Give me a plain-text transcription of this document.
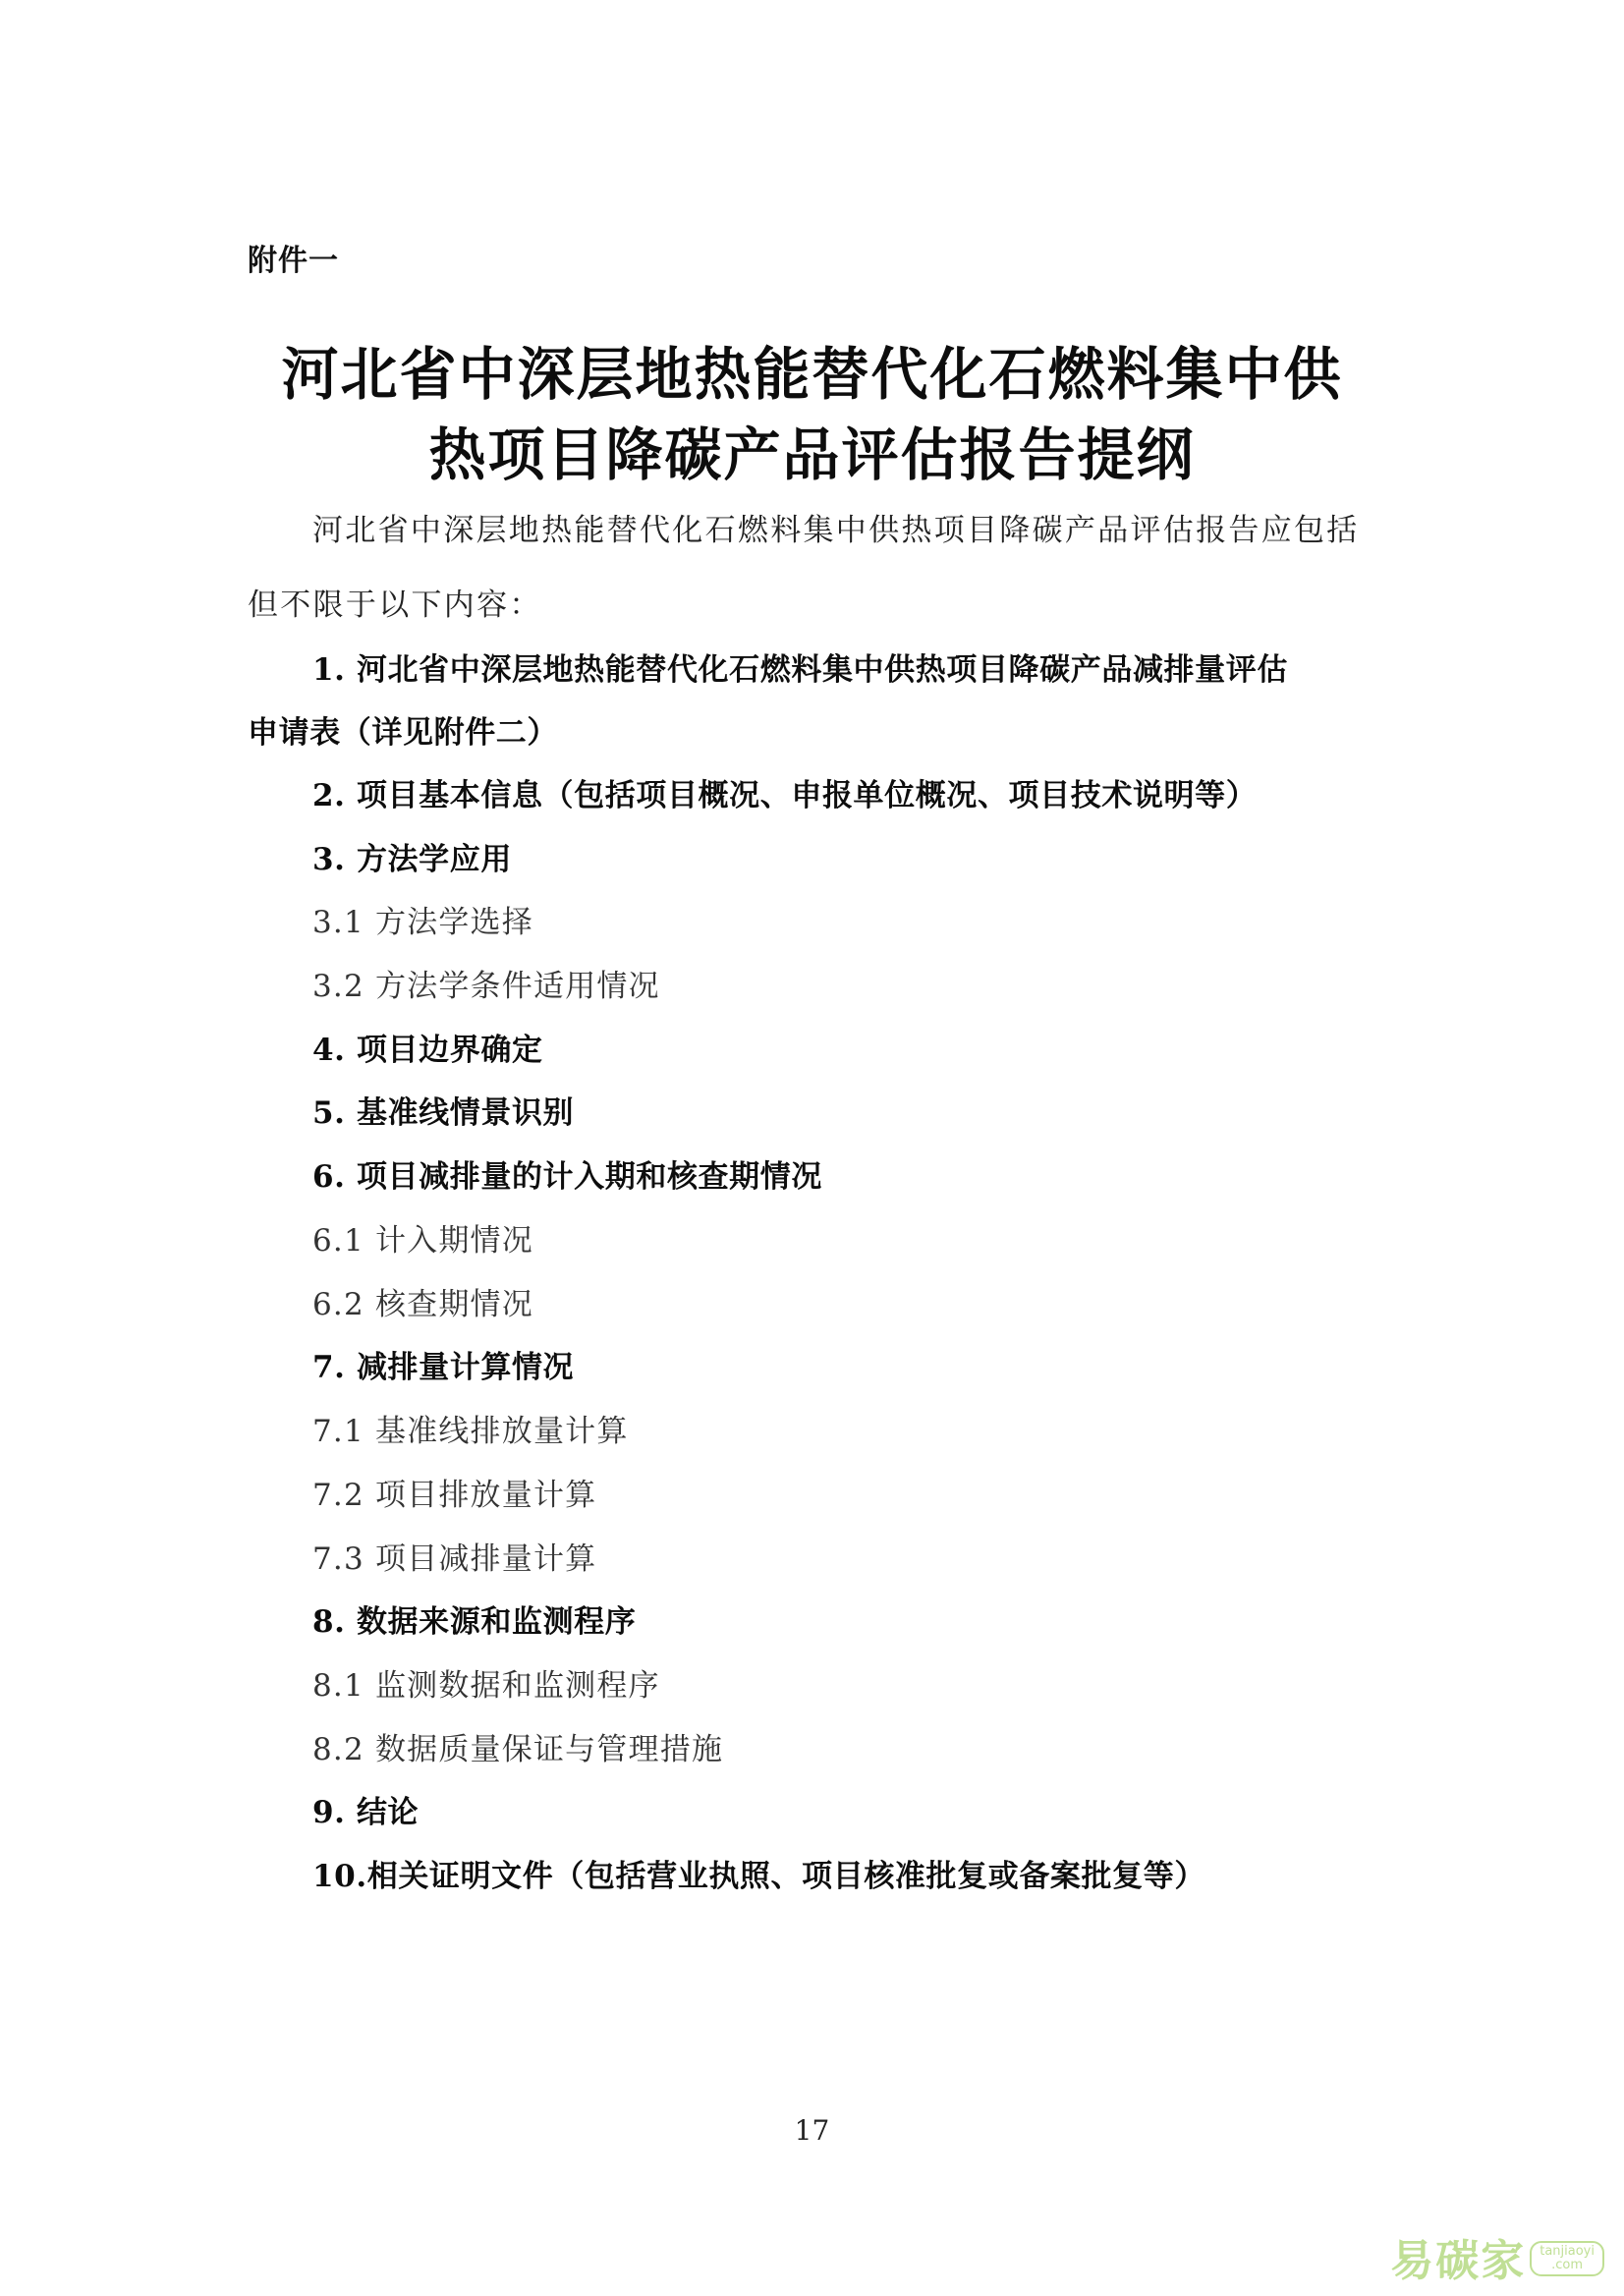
附件一
河北省中深层地热能替代化石燃料集中供
热项目降碳产品评估报告提纲
河北省中深层地热能替代化石燃料集中供热项目降碳产品评估报告应包括
但不限于以下内容：
1. 河北省中深层地热能替代化石燃料集中供热项目降碳产品减排量评估
申请表（详见附件二）
2. 项目基本信息（包括项目概况、申报单位概况、项目技术说明等）
3. 方法学应用
3.1 方法学选择
3.2 方法学条件适用情况
4. 项目边界确定
5. 基准线情景识别
6. 项目减排量的计入期和核查期情况
6.1 计入期情况
6.2 核查期情况
7. 减排量计算情况
7.1 基准线排放量计算
7.2 项目排放量计算
7.3 项目减排量计算
8. 数据来源和监测程序
8.1 监测数据和监测程序
8.2 数据质量保证与管理措施
9. 结论
10.相关证明文件（包括营业执照、项目核准批复或备案批复等）
17
易碳家	tanjiaoyi
.com
